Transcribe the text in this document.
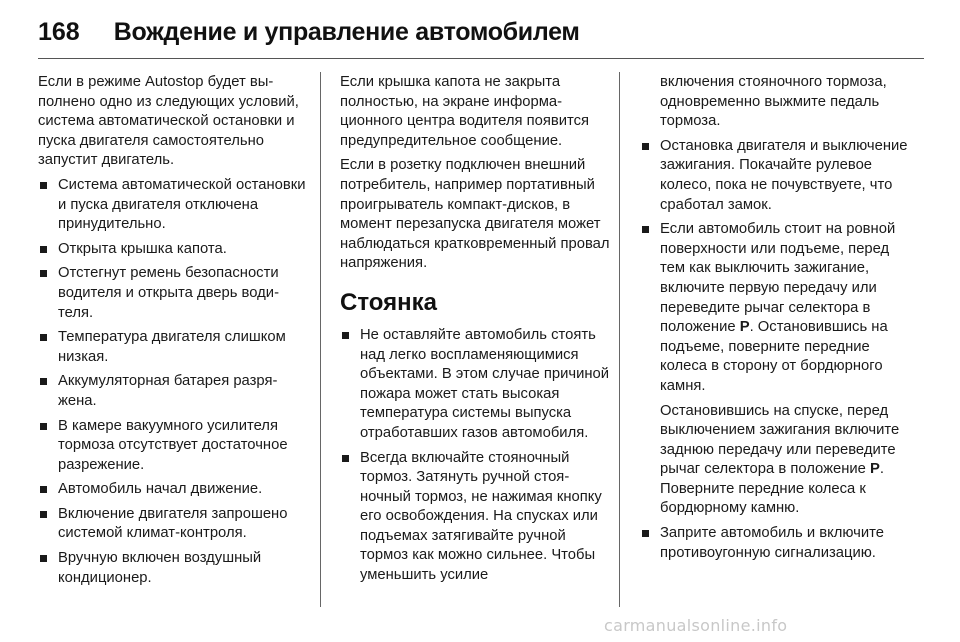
168 Вождение и управление автомобилем

Если в режиме Autostop будет выполнено одно из следующих условий, система автоматической остановки и пуска двигателя самостоятельно запустит двигатель.

Система автоматической остановки и пуска двигателя отключена принудительно.
Открыта крышка капота.
Отстегнут ремень безопасности водителя и открыта дверь водителя.
Температура двигателя слишком низкая.
Аккумуляторная батарея разряжена.
В камере вакуумного усилителя тормоза отсутствует достаточное разрежение.
Автомобиль начал движение.
Включение двигателя запрошено системой климат-контроля.
Вручную включен воздушный кондиционер.

Если крышка капота не закрыта полностью, на экране информационного центра водителя появится предупредительное сообщение.

Если в розетку подключен внешний потребитель, например портативный проигрыватель компакт-дисков, в момент перезапуска двигателя может наблюдаться кратковременный провал напряжения.

Стоянка
Не оставляйте автомобиль стоять над легко воспламеняющимися объектами. В этом случае причиной пожара может стать высокая температура системы выпуска отработавших газов автомобиля.
Всегда включайте стояночный тормоз. Затянуть ручной стояночный тормоз, не нажимая кнопку его освобождения. На спусках или подъемах затягивайте ручной тормоз как можно сильнее. Чтобы уменьшить усилие

включения стояночного тормоза, одновременно выжмите педаль тормоза.

Остановка двигателя и выключение зажигания. Покачайте рулевое колесо, пока не почувствуете, что сработал замок.
Если автомобиль стоит на ровной поверхности или подъеме, перед тем как выключить зажигание, включите первую передачу или переведите рычаг селектора в положение P. Остановившись на подъеме, поверните передние колеса в сторону от бордюрного камня.

Остановившись на спуске, перед выключением зажигания включите заднюю передачу или переведите рычаг селектора в положение P. Поверните передние колеса к бордюрному камню.

Заприте автомобиль и включите противоугонную сигнализацию.
carmanualsonline.info
